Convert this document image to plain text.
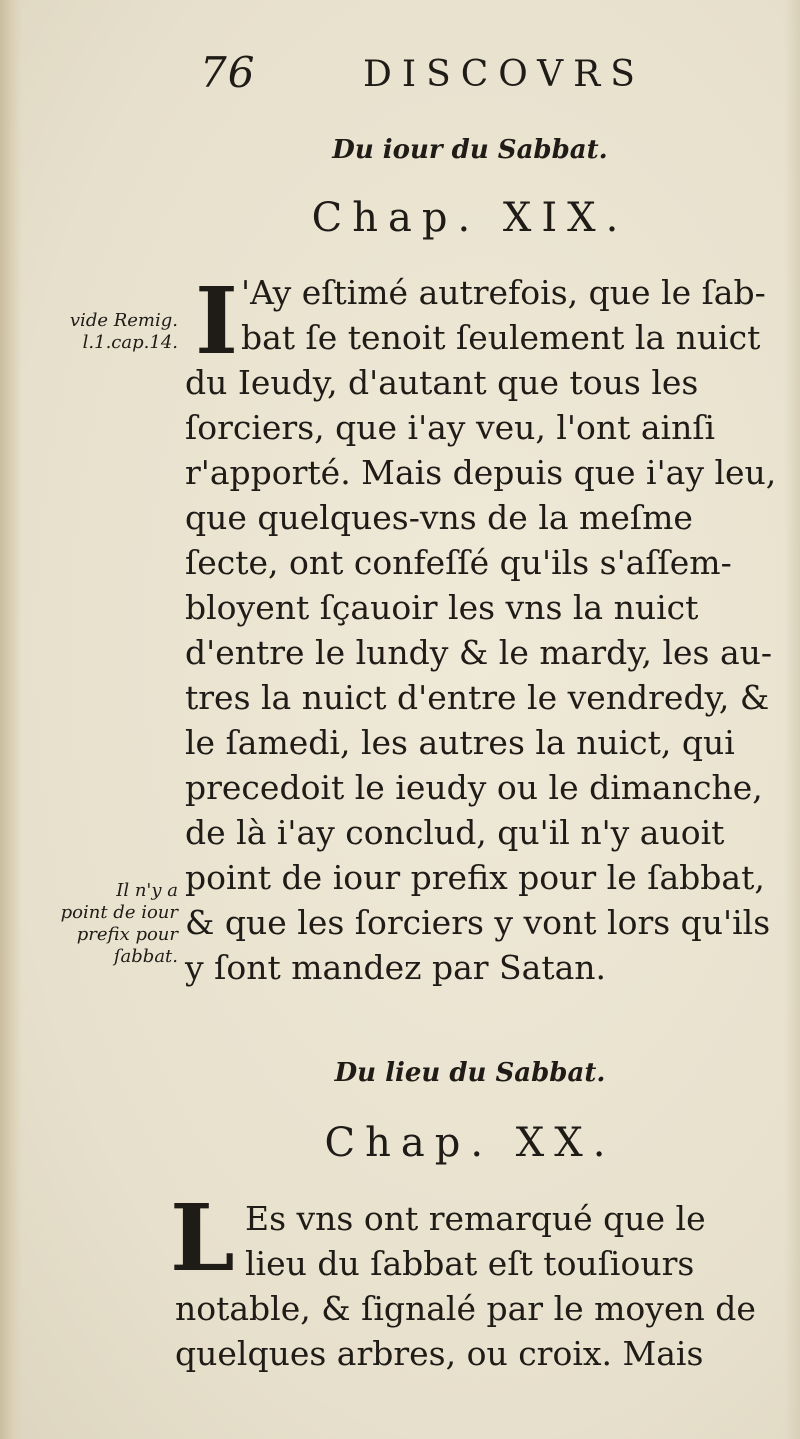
76	DISCOVRS
Du iour du Sabbat.
Chap. XIX.
vide Remig.
l.1.cap.14.
Il n'y a
point de iour
prefix pour
ſabbat.
I 'Ay eſtimé autrefois, que le ſab-
bat ſe tenoit ſeulement la nuict
du Ieudy, d'autant que tous les
ſorciers, que i'ay veu, l'ont ainſi
r'apporté. Mais depuis que i'ay leu,
que quelques-vns de la meſme
ſecte, ont confeſſé qu'ils s'aſſem-
bloyent ſçauoir les vns la nuict
d'entre le lundy & le mardy, les au-
tres la nuict d'entre le vendredy, &
le ſamedi, les autres la nuict, qui
precedoit le ieudy ou le dimanche,
de là i'ay conclud, qu'il n'y auoit
point de iour prefix pour le ſabbat,
& que les ſorciers y vont lors qu'ils
y ſont mandez par Satan.
Du lieu du Sabbat.
Chap. XX.
L Es vns ont remarqué que le
lieu du ſabbat eſt touſiours
notable, & ſignalé par le moyen de
quelques arbres, ou croix. Mais
